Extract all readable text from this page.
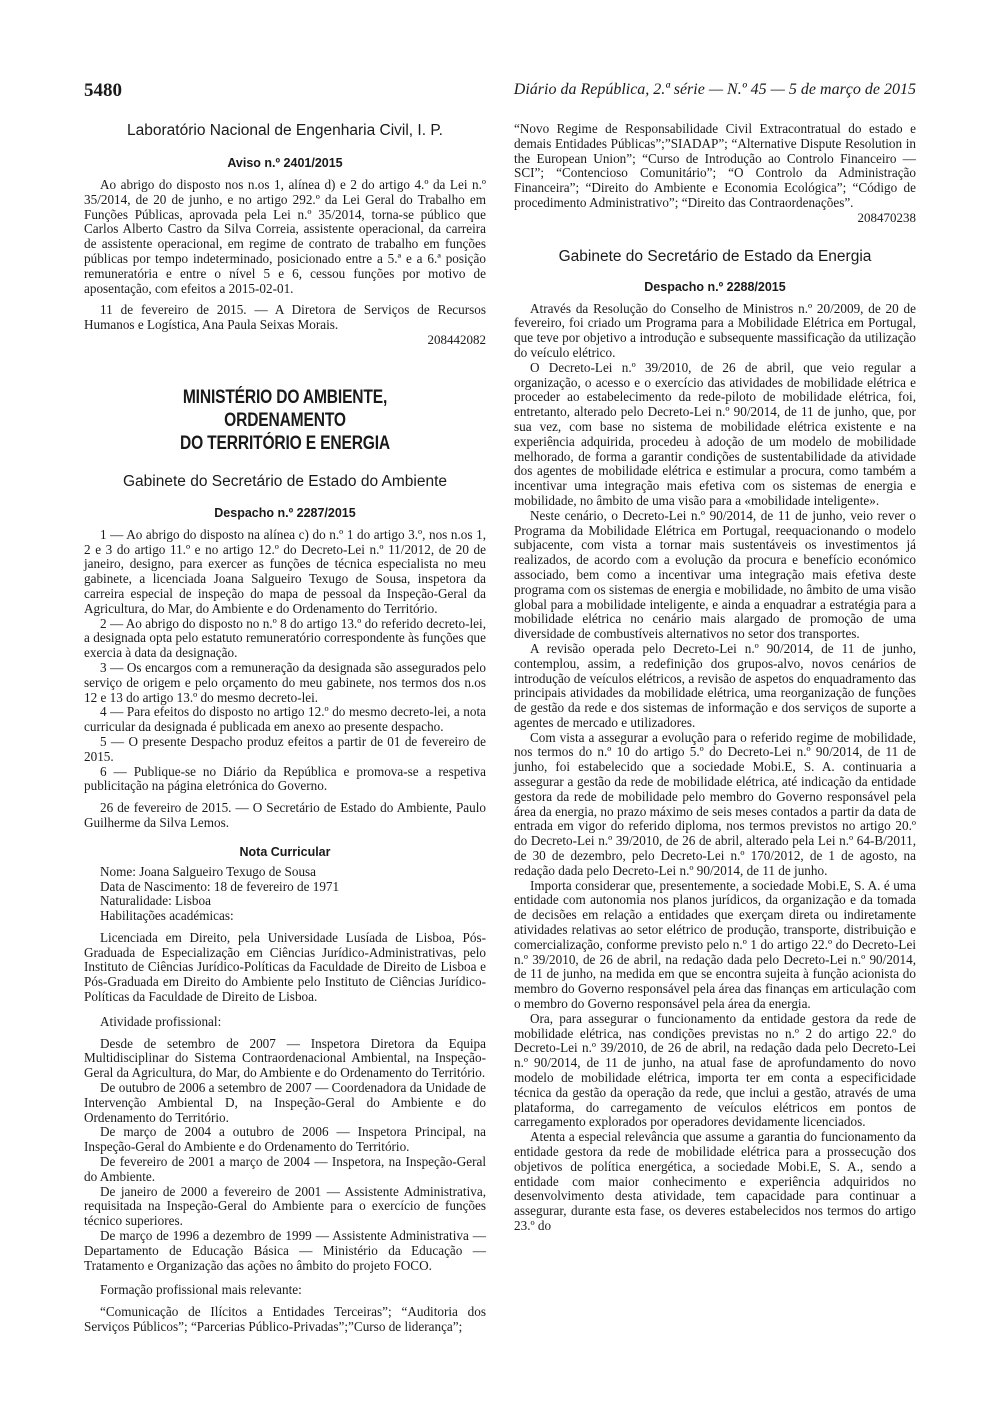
5480	Diário da República, 2.ª série — N.º 45 — 5 de março de 2015
Laboratório Nacional de Engenharia Civil, I. P.
Aviso n.º 2401/2015

Ao abrigo do disposto nos n.os 1, alínea d) e 2 do artigo 4.º da Lei n.º 35/2014, de 20 de junho, e no artigo 292.º da Lei Geral do Trabalho em Funções Públicas, aprovada pela Lei n.º 35/2014, torna-se público que Carlos Alberto Castro da Silva Correia, assistente operacional, da carreira de assistente operacional, em regime de contrato de trabalho em funções públicas por tempo indeterminado, posicionado entre a 5.ª e a 6.ª posição remuneratória e entre o nível 5 e 6, cessou funções por motivo de aposentação, com efeitos a 2015-02-01.

11 de fevereiro de 2015. — A Diretora de Serviços de Recursos Humanos e Logística, Ana Paula Seixas Morais.

208442082
MINISTÉRIO DO AMBIENTE, ORDENAMENTO
DO TERRITÓRIO E ENERGIA
Gabinete do Secretário de Estado do Ambiente
Despacho n.º 2287/2015

1 — Ao abrigo do disposto na alínea c) do n.º 1 do artigo 3.º, nos n.os 1, 2 e 3 do artigo 11.º e no artigo 12.º do Decreto-Lei n.º 11/2012, de 20 de janeiro, designo, para exercer as funções de técnica especialista no meu gabinete, a licenciada Joana Salgueiro Texugo de Sousa, inspetora da carreira especial de inspeção do mapa de pessoal da Inspeção-Geral da Agricultura, do Mar, do Ambiente e do Ordenamento do Território.

2 — Ao abrigo do disposto no n.º 8 do artigo 13.º do referido decreto-lei, a designada opta pelo estatuto remuneratório correspondente às funções que exercia à data da designação.

3 — Os encargos com a remuneração da designada são assegurados pelo serviço de origem e pelo orçamento do meu gabinete, nos termos dos n.os 12 e 13 do artigo 13.º do mesmo decreto-lei.

4 — Para efeitos do disposto no artigo 12.º do mesmo decreto-lei, a nota curricular da designada é publicada em anexo ao presente despacho.

5 — O presente Despacho produz efeitos a partir de 01 de fevereiro de 2015.

6 — Publique-se no Diário da República e promova-se a respetiva publicitação na página eletrónica do Governo.

26 de fevereiro de 2015. — O Secretário de Estado do Ambiente, Paulo Guilherme da Silva Lemos.

Nota Curricular

Nome: Joana Salgueiro Texugo de Sousa

Data de Nascimento: 18 de fevereiro de 1971

Naturalidade: Lisboa

Habilitações académicas:

Licenciada em Direito, pela Universidade Lusíada de Lisboa, Pós-Graduada de Especialização em Ciências Jurídico-Administrativas, pelo Instituto de Ciências Jurídico-Políticas da Faculdade de Direito de Lisboa e Pós-Graduada em Direito do Ambiente pelo Instituto de Ciências Jurídico-Políticas da Faculdade de Direito de Lisboa.

Atividade profissional:

Desde de setembro de 2007 — Inspetora Diretora da Equipa Multidisciplinar do Sistema Contraordenacional Ambiental, na Inspeção-Geral da Agricultura, do Mar, do Ambiente e do Ordenamento do Território.

De outubro de 2006 a setembro de 2007 — Coordenadora da Unidade de Intervenção Ambiental D, na Inspeção-Geral do Ambiente e do Ordenamento do Território.

De março de 2004 a outubro de 2006 — Inspetora Principal, na Inspeção-Geral do Ambiente e do Ordenamento do Território.

De fevereiro de 2001 a março de 2004 — Inspetora, na Inspeção-Geral do Ambiente.

De janeiro de 2000 a fevereiro de 2001 — Assistente Administrativa, requisitada na Inspeção-Geral do Ambiente para o exercício de funções técnico superiores.

De março de 1996 a dezembro de 1999 — Assistente Administrativa — Departamento de Educação Básica — Ministério da Educação — Tratamento e Organização das ações no âmbito do projeto FOCO.

Formação profissional mais relevante:

“Comunicação de Ilícitos a Entidades Terceiras”; “Auditoria dos Serviços Públicos”; “Parcerias Público-Privadas”;”Curso de liderança”;

“Novo Regime de Responsabilidade Civil Extracontratual do estado e demais Entidades Públicas”;”SIADAP”; “Alternative Dispute Resolution in the European Union”; “Curso de Introdução ao Controlo Financeiro — SCI”; “Contencioso Comunitário”; “O Controlo da Administração Financeira”; “Direito do Ambiente e Economia Ecológica”; “Código de procedimento Administrativo”; “Direito das Contraordenações”.

208470238
Gabinete do Secretário de Estado da Energia
Despacho n.º 2288/2015

Através da Resolução do Conselho de Ministros n.º 20/2009, de 20 de fevereiro, foi criado um Programa para a Mobilidade Elétrica em Portugal, que teve por objetivo a introdução e subsequente massificação da utilização do veículo elétrico.

O Decreto-Lei n.º 39/2010, de 26 de abril, que veio regular a organização, o acesso e o exercício das atividades de mobilidade elétrica e proceder ao estabelecimento da rede-piloto de mobilidade elétrica, foi, entretanto, alterado pelo Decreto-Lei n.º 90/2014, de 11 de junho, que, por sua vez, com base no sistema de mobilidade elétrica existente e na experiência adquirida, procedeu à adoção de um modelo de mobilidade melhorado, de forma a garantir condições de sustentabilidade da atividade dos agentes de mobilidade elétrica e estimular a procura, como também a incentivar uma integração mais efetiva com os sistemas de energia e mobilidade, no âmbito de uma visão para a «mobilidade inteligente».

Neste cenário, o Decreto-Lei n.º 90/2014, de 11 de junho, veio rever o Programa da Mobilidade Elétrica em Portugal, reequacionando o modelo subjacente, com vista a tornar mais sustentáveis os investimentos já realizados, de acordo com a evolução da procura e benefício económico associado, bem como a incentivar uma integração mais efetiva deste programa com os sistemas de energia e mobilidade, no âmbito de uma visão global para a mobilidade inteligente, e ainda a enquadrar a estratégia para a mobilidade elétrica no cenário mais alargado de promoção de uma diversidade de combustíveis alternativos no setor dos transportes.

A revisão operada pelo Decreto-Lei n.º 90/2014, de 11 de junho, contemplou, assim, a redefinição dos grupos-alvo, novos cenários de introdução de veículos elétricos, a revisão de aspetos do enquadramento das principais atividades da mobilidade elétrica, uma reorganização de funções de gestão da rede e dos sistemas de informação e dos serviços de suporte a agentes de mercado e utilizadores.

Com vista a assegurar a evolução para o referido regime de mobilidade, nos termos do n.º 10 do artigo 5.º do Decreto-Lei n.º 90/2014, de 11 de junho, foi estabelecido que a sociedade Mobi.E, S. A. continuaria a assegurar a gestão da rede de mobilidade elétrica, até indicação da entidade gestora da rede de mobilidade pelo membro do Governo responsável pela área da energia, no prazo máximo de seis meses contados a partir da data de entrada em vigor do referido diploma, nos termos previstos no artigo 20.º do Decreto-Lei n.º 39/2010, de 26 de abril, alterado pela Lei n.º 64-B/2011, de 30 de dezembro, pelo Decreto-Lei n.º 170/2012, de 1 de agosto, na redação dada pelo Decreto-Lei n.º 90/2014, de 11 de junho.

Importa considerar que, presentemente, a sociedade Mobi.E, S. A. é uma entidade com autonomia nos planos jurídicos, da organização e da tomada de decisões em relação a entidades que exerçam direta ou indiretamente atividades relativas ao setor elétrico de produção, transporte, distribuição e comercialização, conforme previsto pelo n.º 1 do artigo 22.º do Decreto-Lei n.º 39/2010, de 26 de abril, na redação dada pelo Decreto-Lei n.º 90/2014, de 11 de junho, na medida em que se encontra sujeita à função acionista do membro do Governo responsável pela área das finanças em articulação com o membro do Governo responsável pela área da energia.

Ora, para assegurar o funcionamento da entidade gestora da rede de mobilidade elétrica, nas condições previstas no n.º 2 do artigo 22.º do Decreto-Lei n.º 39/2010, de 26 de abril, na redação dada pelo Decreto-Lei n.º 90/2014, de 11 de junho, na atual fase de aprofundamento do novo modelo de mobilidade elétrica, importa ter em conta a especificidade técnica da gestão da operação da rede, que inclui a gestão, através de uma plataforma, do carregamento de veículos elétricos em pontos de carregamento explorados por operadores devidamente licenciados.

Atenta a especial relevância que assume a garantia do funcionamento da entidade gestora da rede de mobilidade elétrica para a prossecução dos objetivos de política energética, a sociedade Mobi.E, S. A., sendo a entidade com maior conhecimento e experiência adquiridos no desenvolvimento desta atividade, tem capacidade para continuar a assegurar, durante esta fase, os deveres estabelecidos nos termos do artigo 23.º do
